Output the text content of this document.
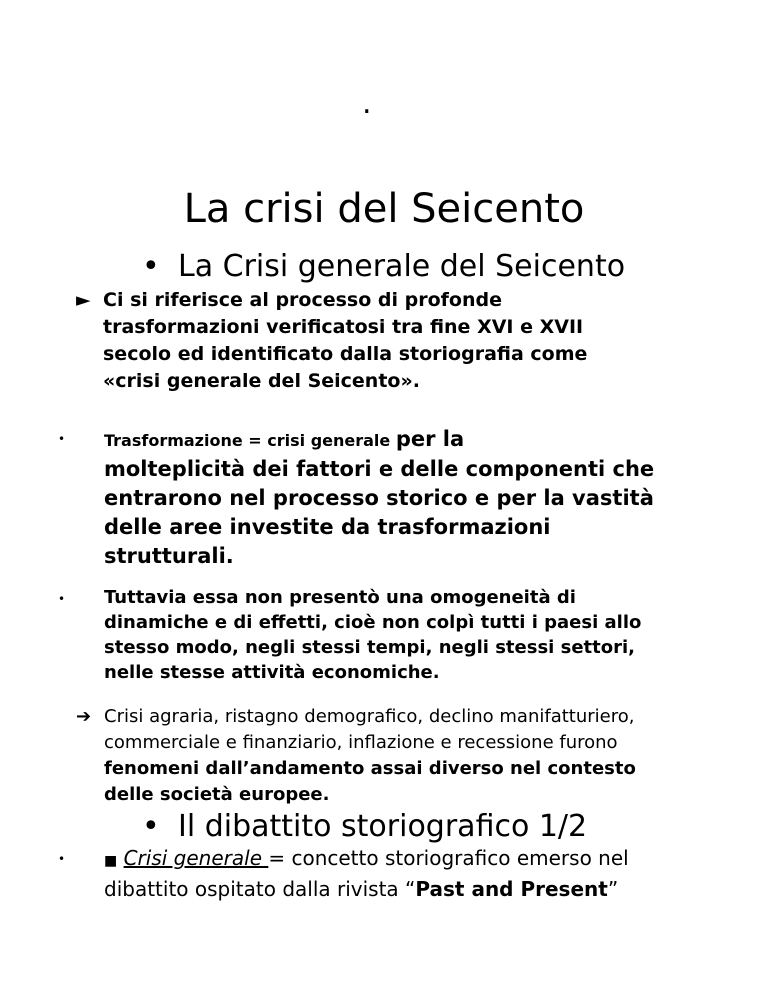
.
La crisi del Seicento
• La Crisi generale del Seicento
► Ci si riferisce al processo di profonde
trasformazioni verificatosi tra fine XVI e XVII
secolo ed identificato dalla storiografia come
«crisi generale del Seicento».
• Trasformazione = crisi generale per la
molteplicità dei fattori e delle componenti che
entrarono nel processo storico e per la vastità
delle aree investite da trasformazioni
strutturali.
• Tuttavia essa non presentò una omogeneità di
dinamiche e di effetti, cioè non colpì tutti i paesi allo
stesso modo, negli stessi tempi, negli stessi settori,
nelle stesse attività economiche.
➔ Crisi agraria, ristagno demografico, declino manifatturiero,
commerciale e finanziario, inflazione e recessione furono
fenomeni dall’andamento assai diverso nel contesto
delle società europee.
• Il dibattito storiografico 1/2
•	■ Crisi generale = concetto storiografico emerso nel
dibattito ospitato dalla rivista “Past and Present”
